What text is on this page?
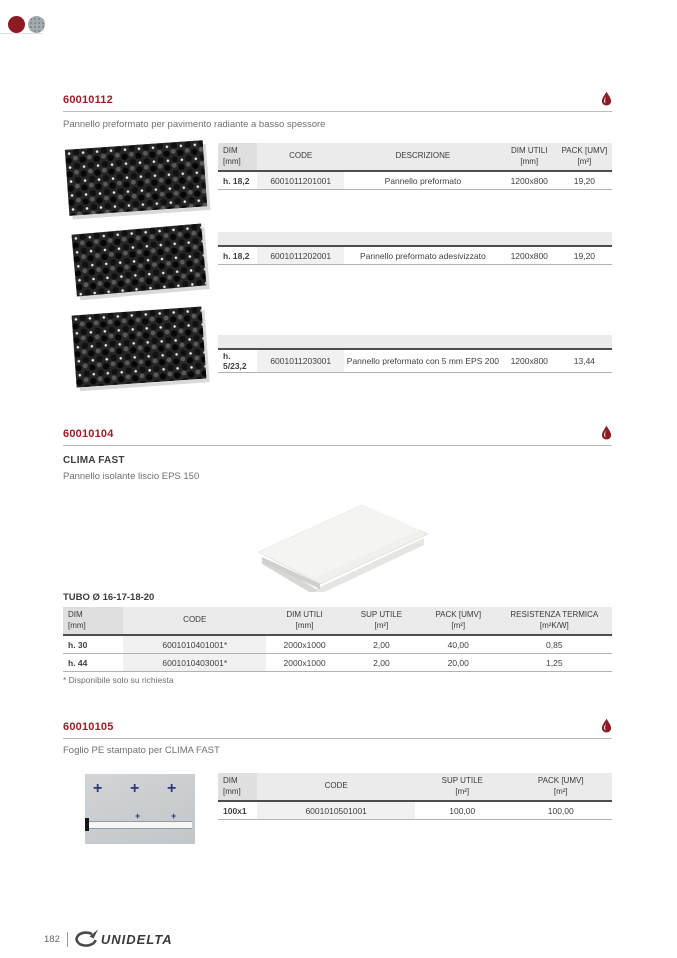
60010112
Pannello preformato per pavimento radiante a basso spessore
DIM
[mm]
CODE	DESCRIZIONE
DIM UTILI
[mm]
PACK [UMV]
[m²]
h. 18,2	6001011201001	Pannello preformato	1200x800	19,20
h. 18,2	6001011202001	Pannello preformato adesivizzato	1200x800	19,20
h. 5/23,2	6001011203001	Pannello preformato con 5 mm EPS 200	1200x800	13,44
60010104
CLIMA FAST
Pannello isolante liscio EPS 150
TUBO Ø 16-17-18-20
DIM
[mm]
CODE
DIM UTILI
[mm]
SUP UTILE
[m²]
PACK [UMV]
[m²]
RESISTENZA TERMICA
[m²K/W]
h. 30	6001010401001*	2000x1000	2,00	40,00	0,85
h. 44	6001010403001*	2000x1000	2,00	20,00	1,25
* Disponibile solo su richiesta
60010105
Foglio PE stampato per CLIMA FAST
+ + +
+	+
DIM
[mm]
CODE
SUP UTILE
[m²]
PACK [UMV]
[m²]
100x1	6001010501001	100,00	100,00
182	UNIDELTA
